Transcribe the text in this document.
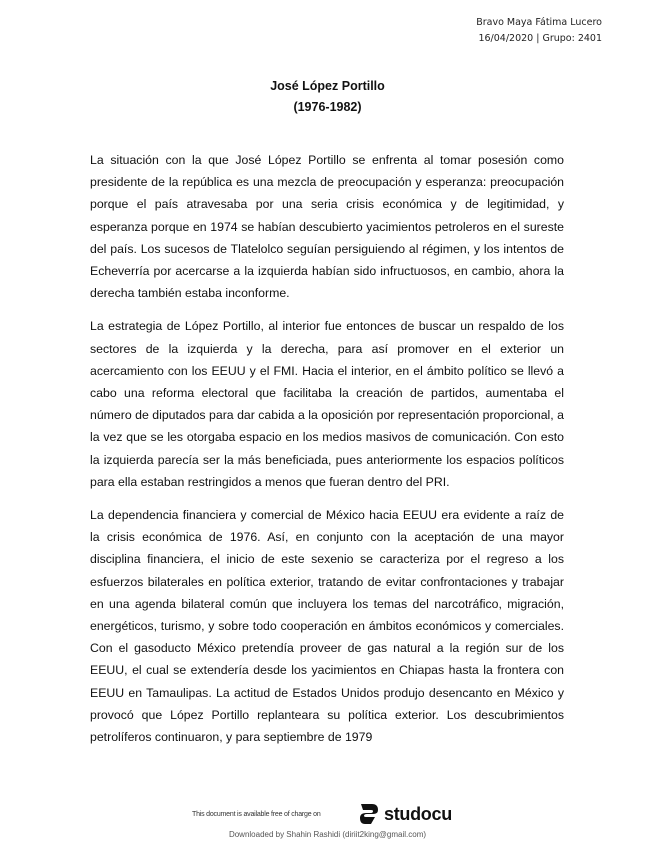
Bravo Maya Fátima Lucero
16/04/2020 | Grupo: 2401
José López Portillo
(1976-1982)

La situación con la que José López Portillo se enfrenta al tomar posesión como presidente de la república es una mezcla de preocupación y esperanza: preocupación porque el país atravesaba por una seria crisis económica y de legitimidad, y esperanza porque en 1974 se habían descubierto yacimientos petroleros en el sureste del país. Los sucesos de Tlatelolco seguían persiguiendo al régimen, y los intentos de Echeverría por acercarse a la izquierda habían sido infructuosos, en cambio, ahora la derecha también estaba inconforme.

La estrategia de López Portillo, al interior fue entonces de buscar un respaldo de los sectores de la izquierda y la derecha, para así promover en el exterior un acercamiento con los EEUU y el FMI. Hacia el interior, en el ámbito político se llevó a cabo una reforma electoral que facilitaba la creación de partidos, aumentaba el número de diputados para dar cabida a la oposición por representación proporcional, a la vez que se les otorgaba espacio en los medios masivos de comunicación. Con esto la izquierda parecía ser la más beneficiada, pues anteriormente los espacios políticos para ella estaban restringidos a menos que fueran dentro del PRI.

La dependencia financiera y comercial de México hacia EEUU era evidente a raíz de la crisis económica de 1976. Así, en conjunto con la aceptación de una mayor disciplina financiera, el inicio de este sexenio se caracteriza por el regreso a los esfuerzos bilaterales en política exterior, tratando de evitar confrontaciones y trabajar en una agenda bilateral común que incluyera los temas del narcotráfico, migración, energéticos, turismo, y sobre todo cooperación en ámbitos económicos y comerciales. Con el gasoducto México pretendía proveer de gas natural a la región sur de los EEUU, el cual se extendería desde los yacimientos en Chiapas hasta la frontera con EEUU en Tamaulipas. La actitud de Estados Unidos produjo desencanto en México y provocó que López Portillo replanteara su política exterior. Los descubrimientos petrolíferos continuaron, y para septiembre de 1979

This document is available free of charge on	studocu
Downloaded by Shahin Rashidi (diriit2king@gmail.com)
